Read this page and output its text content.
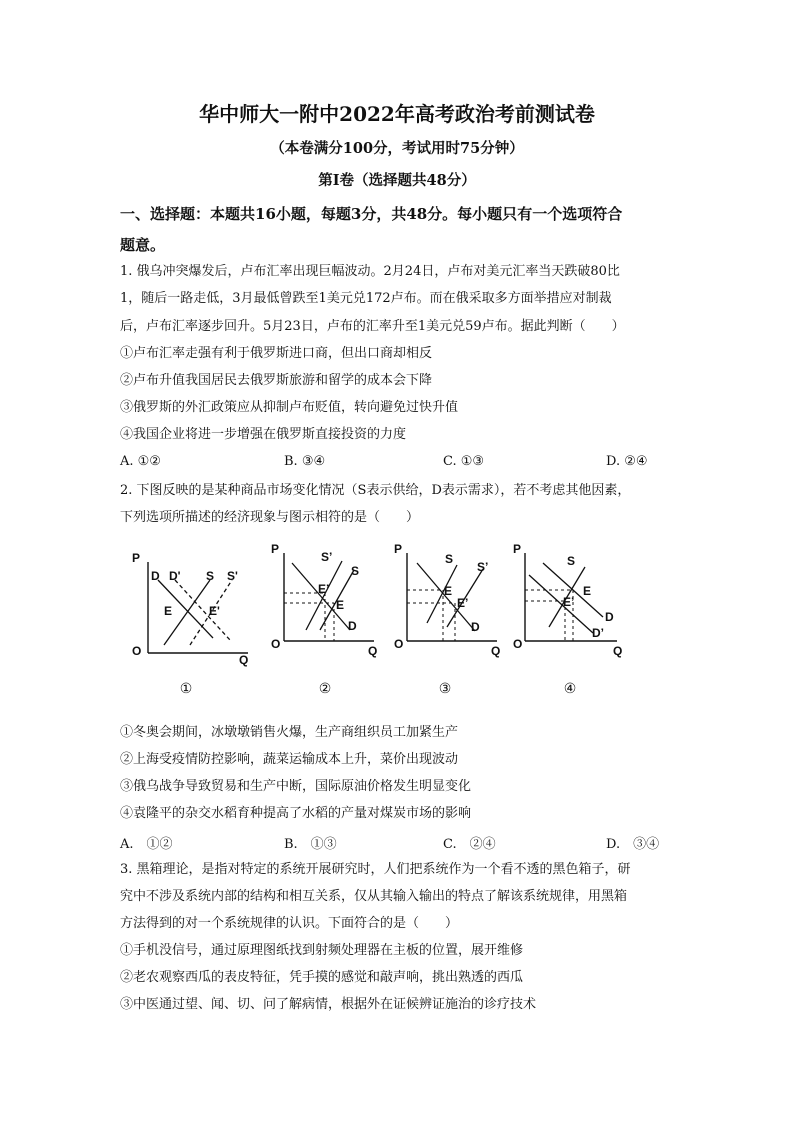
华中师大一附中2022年高考政治考前测试卷
（本卷满分100分，考试用时75分钟）
第Ⅰ卷（选择题共48分）
一、选择题：本题共16小题，每题3分，共48分。每小题只有一个选项符合
题意。
1. 俄乌冲突爆发后，卢布汇率出现巨幅波动。2月24日，卢布对美元汇率当天跌破80比
1，随后一路走低，3月最低曾跌至1美元兑172卢布。而在俄采取多方面举措应对制裁
后，卢布汇率逐步回升。5月23日，卢布的汇率升至1美元兑59卢布。据此判断（　　）
①卢布汇率走强有利于俄罗斯进口商，但出口商却相反
②卢布升值我国居民去俄罗斯旅游和留学的成本会下降
③俄罗斯的外汇政策应从抑制卢布贬值，转向避免过快升值
④我国企业将进一步增强在俄罗斯直接投资的力度
A. ①②	B. ③④	C. ①③	D. ②④
2. 下图反映的是某种商品市场变化情况（S表示供给，D表示需求），若不考虑其他因素，
下列选项所描述的经济现象与图示相符的是（　　）
P
O
Q
D D' S S'
E	E'
P
O	Q
S’
S
E’
E
D
P
O	Q
S
S’
E
E’
D
P
O	Q
S
E
E’
D
D’
①	②	③	④
①冬奥会期间，冰墩墩销售火爆，生产商组织员工加紧生产
②上海受疫情防控影响，蔬菜运输成本上升，菜价出现波动
③俄乌战争导致贸易和生产中断，国际原油价格发生明显变化
④袁隆平的杂交水稻育种提高了水稻的产量对煤炭市场的影响
A.　①②	B.　①③	C.　②④	D.　③④
3. 黑箱理论，是指对特定的系统开展研究时，人们把系统作为一个看不透的黑色箱子，研
究中不涉及系统内部的结构和相互关系，仅从其输入输出的特点了解该系统规律，用黑箱
方法得到的对一个系统规律的认识。下面符合的是（　　）
①手机没信号，通过原理图纸找到射频处理器在主板的位置，展开维修
②老农观察西瓜的表皮特征，凭手摸的感觉和敲声响，挑出熟透的西瓜
③中医通过望、闻、切、问了解病情，根据外在证候辨证施治的诊疗技术
